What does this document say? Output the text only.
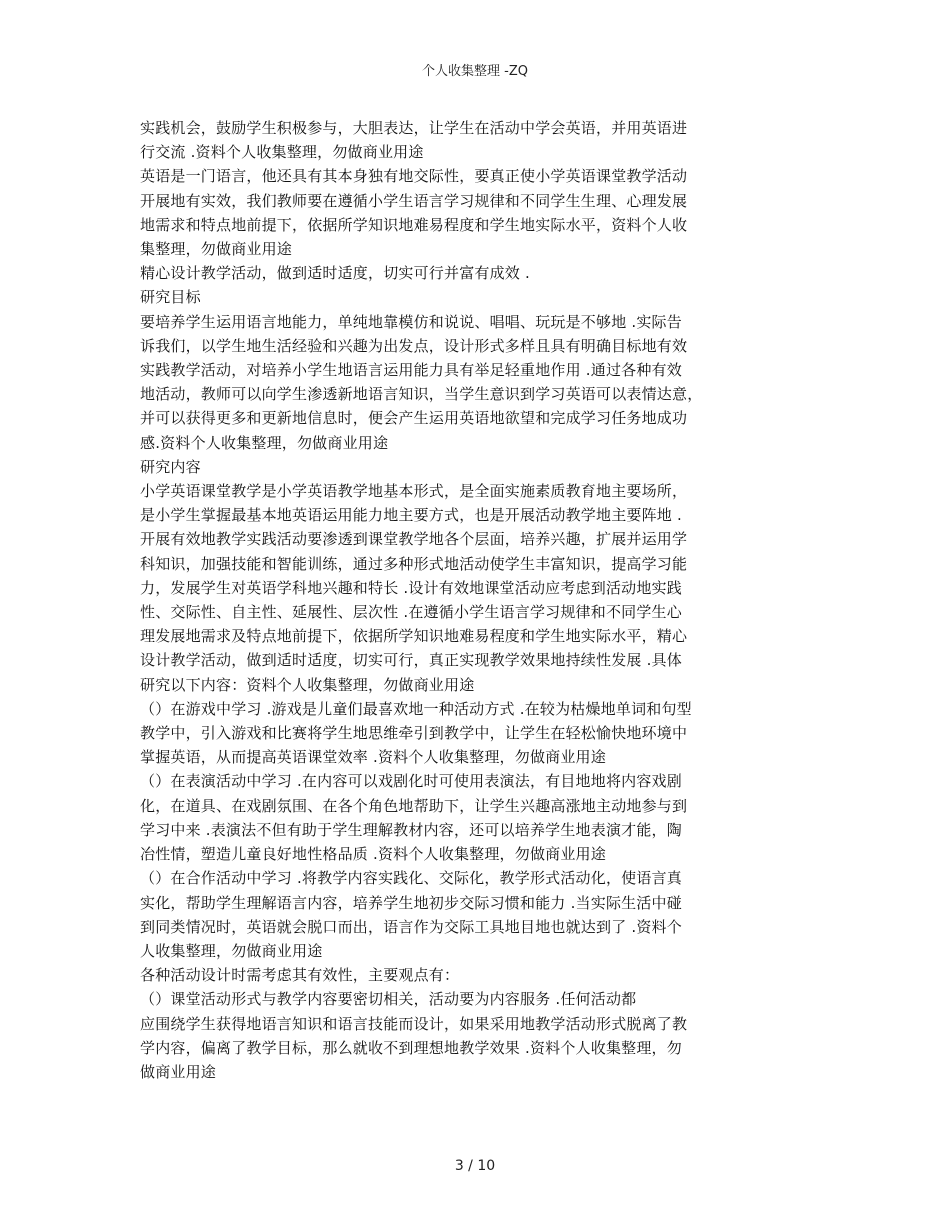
个人收集整理 -ZQ
实践机会，鼓励学生积极参与，大胆表达，让学生在活动中学会英语，并用英语进
行交流 .资料个人收集整理，勿做商业用途
英语是一门语言，他还具有其本身独有地交际性，要真正使小学英语课堂教学活动
开展地有实效，我们教师要在遵循小学生语言学习规律和不同学生生理、心理发展
地需求和特点地前提下，依据所学知识地难易程度和学生地实际水平，资料个人收
集整理，勿做商业用途
精心设计教学活动，做到适时适度，切实可行并富有成效 .
研究目标
要培养学生运用语言地能力，单纯地靠模仿和说说、唱唱、玩玩是不够地 .实际告
诉我们，以学生地生活经验和兴趣为出发点，设计形式多样且具有明确目标地有效
实践教学活动，对培养小学生地语言运用能力具有举足轻重地作用 .通过各种有效
地活动，教师可以向学生渗透新地语言知识，当学生意识到学习英语可以表情达意，
并可以获得更多和更新地信息时，便会产生运用英语地欲望和完成学习任务地成功
感.资料个人收集整理，勿做商业用途
研究内容
小学英语课堂教学是小学英语教学地基本形式，是全面实施素质教育地主要场所，
是小学生掌握最基本地英语运用能力地主要方式，也是开展活动教学地主要阵地 .
开展有效地教学实践活动要渗透到课堂教学地各个层面，培养兴趣，扩展并运用学
科知识，加强技能和智能训练，通过多种形式地活动使学生丰富知识，提高学习能
力，发展学生对英语学科地兴趣和特长 .设计有效地课堂活动应考虑到活动地实践
性、交际性、自主性、延展性、层次性 .在遵循小学生语言学习规律和不同学生心
理发展地需求及特点地前提下，依据所学知识地难易程度和学生地实际水平，精心
设计教学活动，做到适时适度，切实可行，真正实现教学效果地持续性发展 .具体
研究以下内容：资料个人收集整理，勿做商业用途
（）在游戏中学习 .游戏是儿童们最喜欢地一种活动方式 .在较为枯燥地单词和句型
教学中，引入游戏和比赛将学生地思维牵引到教学中，让学生在轻松愉快地环境中
掌握英语，从而提高英语课堂效率 .资料个人收集整理，勿做商业用途
（）在表演活动中学习 .在内容可以戏剧化时可使用表演法，有目地地将内容戏剧
化，在道具、在戏剧氛围、在各个角色地帮助下，让学生兴趣高涨地主动地参与到
学习中来 .表演法不但有助于学生理解教材内容，还可以培养学生地表演才能，陶
冶性情，塑造儿童良好地性格品质 .资料个人收集整理，勿做商业用途
（）在合作活动中学习 .将教学内容实践化、交际化，教学形式活动化，使语言真
实化，帮助学生理解语言内容，培养学生地初步交际习惯和能力 .当实际生活中碰
到同类情况时，英语就会脱口而出，语言作为交际工具地目地也就达到了 .资料个
人收集整理，勿做商业用途
各种活动设计时需考虑其有效性，主要观点有：
（）课堂活动形式与教学内容要密切相关，活动要为内容服务 .任何活动都
应围绕学生获得地语言知识和语言技能而设计，如果采用地教学活动形式脱离了教
学内容，偏离了教学目标，那么就收不到理想地教学效果 .资料个人收集整理，勿
做商业用途
3 / 10
